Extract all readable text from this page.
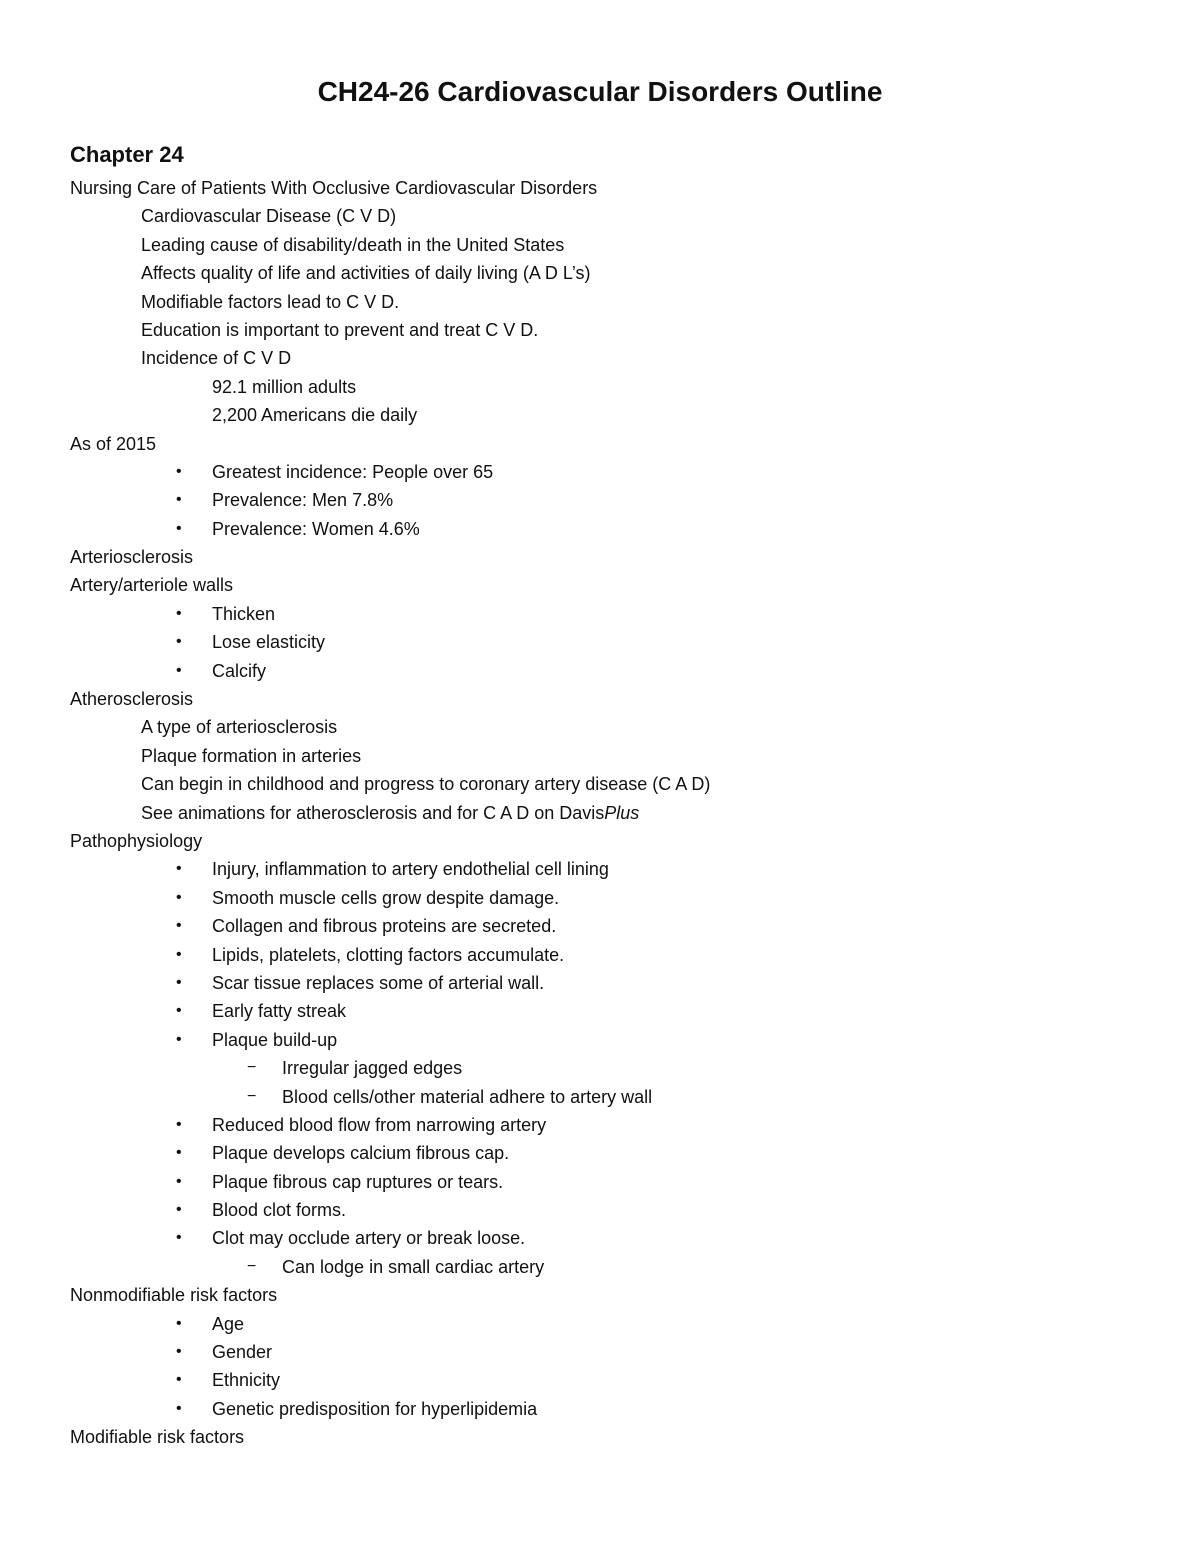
CH24-26 Cardiovascular Disorders Outline
Chapter 24
Nursing Care of Patients With Occlusive Cardiovascular Disorders
Cardiovascular Disease (C V D)
Leading cause of disability/death in the United States
Affects quality of life and activities of daily living (A D L’s)
Modifiable factors lead to C V D.
Education is important to prevent and treat C V D.
Incidence of C V D
92.1 million adults
2,200 Americans die daily
As of 2015
• Greatest incidence: People over 65
• Prevalence: Men 7.8%
• Prevalence: Women 4.6%
Arteriosclerosis
Artery/arteriole walls
• Thicken
• Lose elasticity
• Calcify
Atherosclerosis
A type of arteriosclerosis
Plaque formation in arteries
Can begin in childhood and progress to coronary artery disease (C A D)
See animations for atherosclerosis and for C A D on DavisPlus
Pathophysiology
• Injury, inflammation to artery endothelial cell lining
• Smooth muscle cells grow despite damage.
• Collagen and fibrous proteins are secreted.
• Lipids, platelets, clotting factors accumulate.
• Scar tissue replaces some of arterial wall.
• Early fatty streak
• Plaque build-up
− Irregular jagged edges
− Blood cells/other material adhere to artery wall
• Reduced blood flow from narrowing artery
• Plaque develops calcium fibrous cap.
• Plaque fibrous cap ruptures or tears.
• Blood clot forms.
• Clot may occlude artery or break loose.
− Can lodge in small cardiac artery
Nonmodifiable risk factors
• Age
• Gender
• Ethnicity
• Genetic predisposition for hyperlipidemia
Modifiable risk factors
